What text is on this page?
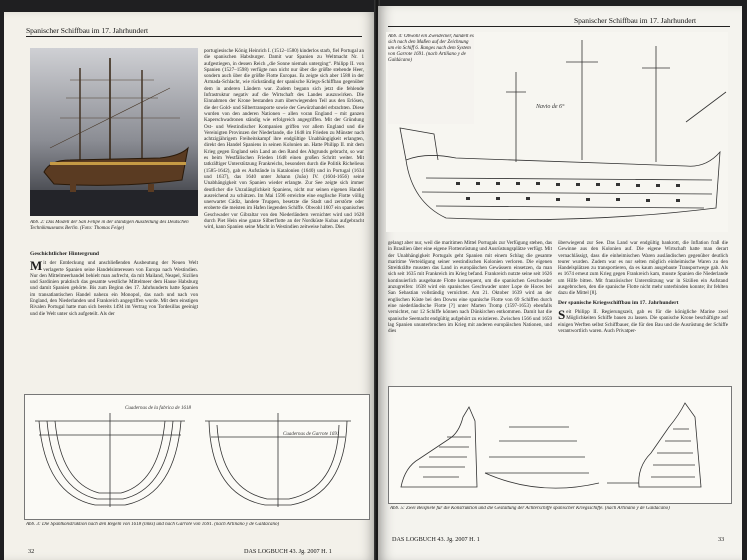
Spanischer Schiffbau im 17. Jahrhundert
Abb. 2: Das Modell der San Felipe in der ständigen Ausstellung des Deutschen Technikmuseums Berlin. (Foto: Thomas Feige)
Geschichtlicher Hintergrund

Mit der Entdeckung und anschließenden Ausbeutung der Neuen Welt verlagerte Spanien seine Handelsinteressen von Europa nach Westindien. Nur den Mittelmeerhandel behielt man aufrecht, da mit Mailand, Neapel, Sizilien und Sardinien praktisch das gesamte westliche Mittelmeer dem Hause Habsburg und damit Spanien gehörte. Bis zum Beginn des 17. Jahrhunderts hatte Spanien im transatlantischen Handel nahezu ein Monopol, das nach und nach von England, den Niederlanden und Frankreich angegriffen wurde. Mit dem einstigen Rivalen Portugal hatte man sich bereits 1494 im Vertrag von Tordesillas geeinigt und die Welt unter sich aufgeteilt. Als der

portugiesische König Heinrich I. (1512–1580) kinderlos starb, fiel Portugal an die spanischen Habsburger. Damit war Spanien zu Weltmacht Nr. 1 aufgestiegen, in dessen Reich „die Sonne niemals unterging“. Philipp II. von Spanien (1527–1598) verfügte nun nicht nur über die größte stehende Heer, sondern auch über die größte Flotte Europas. Es zeigte sich aber 1588 in der Armada-Schlacht, wie rückständig der spanische Kriegs-Schiffbau gegenüber dem in anderen Ländern war. Zudem begann sich jetzt die fehlende Infrastruktur negativ auf die Wirtschaft des Landes auszuwirken. Die Einnahmen der Krone bestanden zum überwiegenden Teil aus den Erlösen, die der Gold- und Silbertransporte sowie der Gewürzhandel erbrachten. Diese wurden von den anderen Nationen – allen voran England – mit ganzen Kaperschwadronen ständig wie erfolgreich angegriffen. Mit der Gründung Ost- und Westindischer Kompanien griffen vor allem England und die Vereinigten Provinzen der Niederlande, die 1648 im Frieden zu Münster nach achtzigjährigem Freiheitskampf ihre endgültige Unabhängigkeit erlangten, direkt den Handel Spaniens in seinen Kolonien an. Hatte Philipp II. mit dem Krieg gegen England sein Land an den Rand des Abgrunds gebracht, so war es beim Westfälischen Frieden 1648 einen großen Schritt weiter. Mit tatkräftiger Unterstützung Frankreichs, besonders durch die Politik Richelieus (1585-1642), gab es Aufstände in Katalonien (1640) und in Portugal (1634 und 1637), das 1640 unter Johann (João) IV. (1604-1656) seine Unabhängigkeit von Spanien wieder erlangte. Zur See zeigte sich immer deutlicher die Unzulänglichkeit Spaniens, nicht nur seinen eigenen Handel ausreichend zu schützen. Im Mai 1596 erreichte eine englische Flotte völlig unerwartet Cádiz, landete Truppen, besetzte die Stadt und zerstörte oder eroberte die meisten im Hafen liegenden Schiffe. Obwohl 1607 ein spanisches Geschwader vor Gibraltar von den Niederländern vernichtet wird und 1628 durch Piet Hein eine ganze Silberflotte an der Nordküste Kubas aufgebracht wird, kann Spanien seine Macht in Westindien zeitweise halten. Dies

Cuadernas de la fabrica de 1618
Cuadernas de Garrote 1691
Abb. 3: Die Spantkonstruktion nach den Regeln von 1618 (links) und nach Garrote von 1691. (nach Artiñano y de Galdácano)
32	DAS LOGBUCH 43. Jg. 2007 H. 1
Spanischer Schiffbau im 17. Jahrhundert
Navio de 6°
Abb. 4: Obwohl ein Zweidecker, handelt es sich nach den Maßen auf der Zeichnung um ein Schiff 6. Ranges nach dem System von Garrote 1691. (nach Artiñano y de Galdácano)

gelangt aber nur, weil die maritimen Mittel Portugals zur Verfügung stehen, das in Brasilien über eine eigene Flottenrüstung und Ausrüstungsplätze verfügt. Mit der Unabhängigkeit Portugals geht Spanien mit einem Schlag die gesamte maritime Verteidigung seiner westindischen Kolonien verloren. Die eigenen Streitkräfte mussten das Land in europäischen Gewässern einsetzen, da man sich seit 1635 mit Frankreich im Krieg befand. Frankreich nutzte seine seit 1626 kontinuierlich ausgebaute Flotte konsequent, um die spanischen Geschwader anzugreifen: 1638 wird ein spanisches Geschwader unter Lope de Hoces bei San Sebastian vollständig vernichtet. Am 21. Oktober 1639 wird an der englischen Küste bei den Downs eine spanische Flotte von 69 Schiffen durch eine niederländische Flotte [?] unter Marten Tromp (1597-1653) ebenfalls vernichtet, nur 12 Schiffe können nach Dünkirchen entkommen. Damit hat die spanische Seemacht endgültig aufgehört zu existieren. Zwischen 1566 und 1659 lag Spanien ununterbrochen im Krieg mit anderen europäischen Nationen, und dies

überwiegend zur See. Das Land war endgültig bankrott, die Inflation fraß die Gewinne aus den Kolonien auf. Die eigene Wirtschaft hatte man derart vernachlässigt, dass die einheimischen Waren ausländischen gegenüber deutlich teurer wurden. Zudem war es nur selten möglich einheimische Waren zu den Handelsplätzen zu transportieren, da es kaum ausgebaute Transportwege gab. Als es 1674 erneut zum Krieg gegen Frankreich kam, musste Spanien die Niederlande um Hilfe bitten. Mit französischer Unterstützung war in Sizilien ein Aufstand ausgebrochen, den die spanische Flotte nicht mehr unterbinden konnte; ihr fehlten dazu die Mittel [8].

Der spanische Kriegsschiffbau im 17. Jahrhundert

Seit Philipp II. Regierungszeit, gab es für die königliche Marine zwei Möglichkeiten Schiffe bauen zu lassen. Die spanische Krone beschäftigte auf einigen Werften selbst Schiffbauer, die für den Bau und die Ausrüstung der Schiffe verantwortlich waren. Auch Privatper-

Abb. 5: Zwei Beispiele für die Konstruktion und die Gestaltung der Achterschiffe spanischer Kriegsschiffe. (nach Artiñano y de Galdácano)
DAS LOGBUCH 43. Jg. 2007 H. 1	33
